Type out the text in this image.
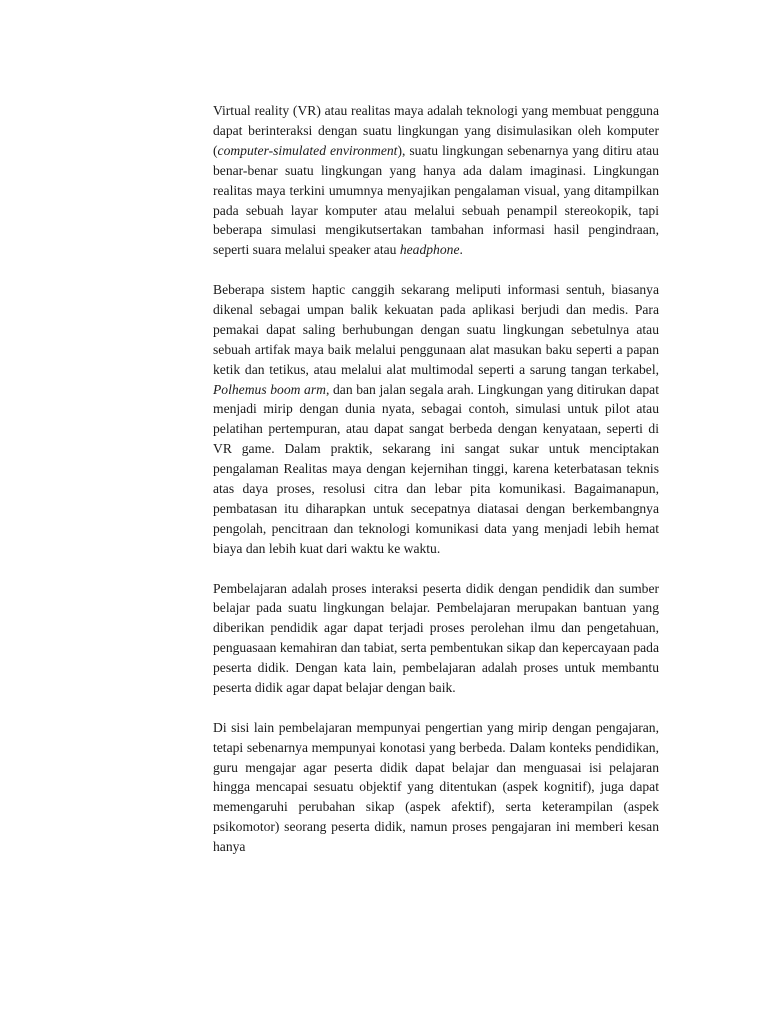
Virtual reality (VR) atau realitas maya adalah teknologi yang membuat pengguna dapat berinteraksi dengan suatu lingkungan yang disimulasikan oleh komputer (computer-simulated environment), suatu lingkungan sebenarnya yang ditiru atau benar-benar suatu lingkungan yang hanya ada dalam imaginasi. Lingkungan realitas maya terkini umumnya menyajikan pengalaman visual, yang ditampilkan pada sebuah layar komputer atau melalui sebuah penampil stereokopik, tapi beberapa simulasi mengikutsertakan tambahan informasi hasil pengindraan, seperti suara melalui speaker atau headphone.

Beberapa sistem haptic canggih sekarang meliputi informasi sentuh, biasanya dikenal sebagai umpan balik kekuatan pada aplikasi berjudi dan medis. Para pemakai dapat saling berhubungan dengan suatu lingkungan sebetulnya atau sebuah artifak maya baik melalui penggunaan alat masukan baku seperti a papan ketik dan tetikus, atau melalui alat multimodal seperti a sarung tangan terkabel, Polhemus boom arm, dan ban jalan segala arah. Lingkungan yang ditirukan dapat menjadi mirip dengan dunia nyata, sebagai contoh, simulasi untuk pilot atau pelatihan pertempuran, atau dapat sangat berbeda dengan kenyataan, seperti di VR game. Dalam praktik, sekarang ini sangat sukar untuk menciptakan pengalaman Realitas maya dengan kejernihan tinggi, karena keterbatasan teknis atas daya proses, resolusi citra dan lebar pita komunikasi. Bagaimanapun, pembatasan itu diharapkan untuk secepatnya diatasai dengan berkembangnya pengolah, pencitraan dan teknologi komunikasi data yang menjadi lebih hemat biaya dan lebih kuat dari waktu ke waktu.

Pembelajaran adalah proses interaksi peserta didik dengan pendidik dan sumber belajar pada suatu lingkungan belajar. Pembelajaran merupakan bantuan yang diberikan pendidik agar dapat terjadi proses perolehan ilmu dan pengetahuan, penguasaan kemahiran dan tabiat, serta pembentukan sikap dan kepercayaan pada peserta didik. Dengan kata lain, pembelajaran adalah proses untuk membantu peserta didik agar dapat belajar dengan baik.

Di sisi lain pembelajaran mempunyai pengertian yang mirip dengan pengajaran, tetapi sebenarnya mempunyai konotasi yang berbeda. Dalam konteks pendidikan, guru mengajar agar peserta didik dapat belajar dan menguasai isi pelajaran hingga mencapai sesuatu objektif yang ditentukan (aspek kognitif), juga dapat memengaruhi perubahan sikap (aspek afektif), serta keterampilan (aspek psikomotor) seorang peserta didik, namun proses pengajaran ini memberi kesan hanya
